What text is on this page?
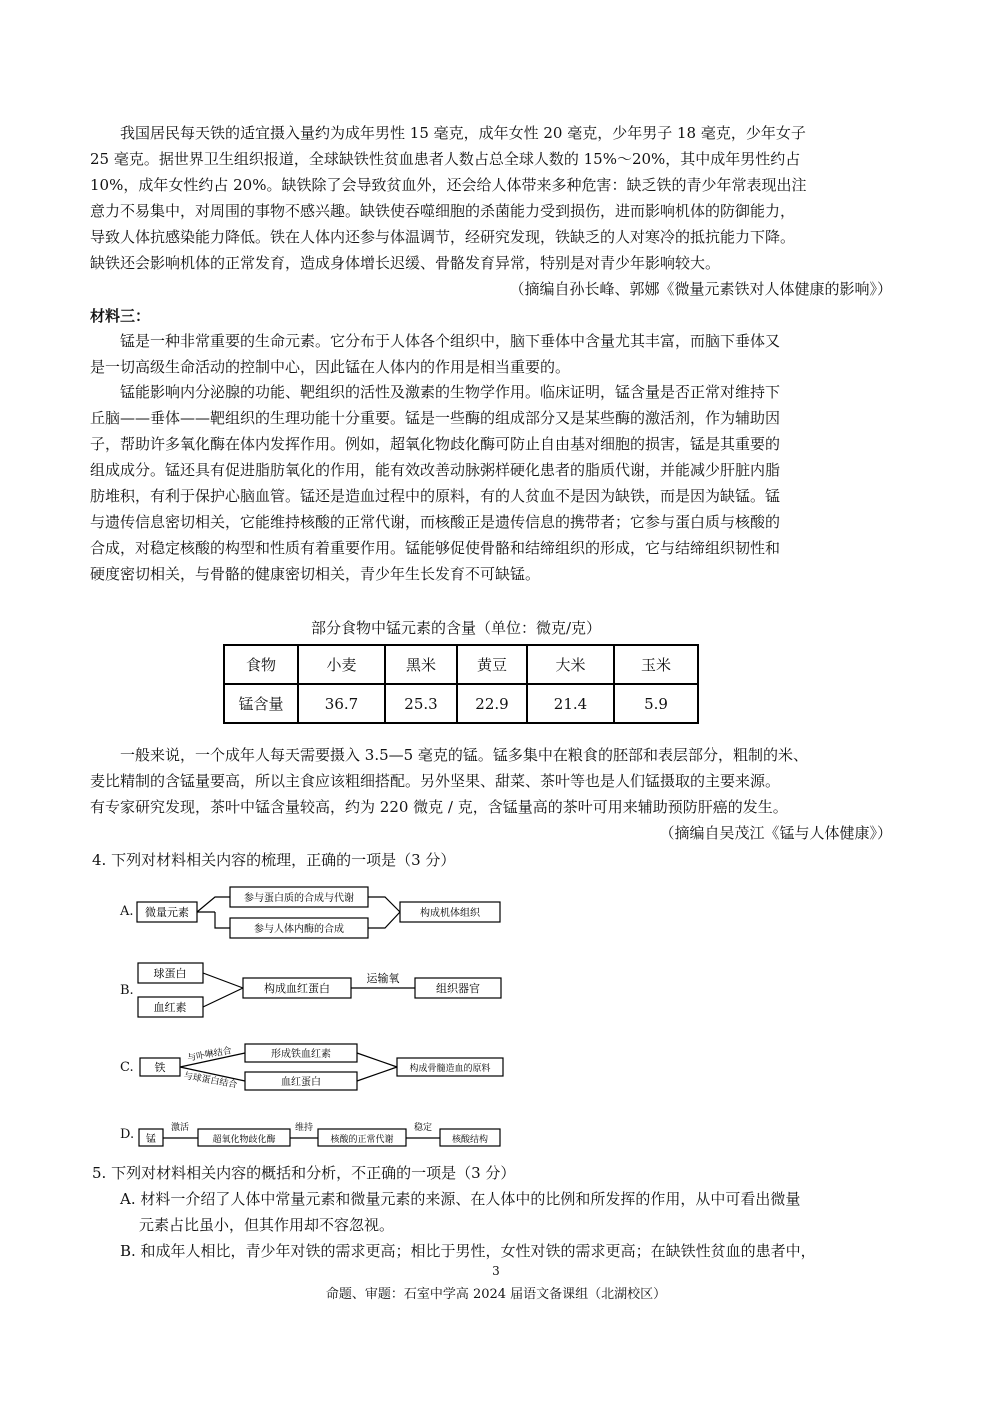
我国居民每天铁的适宜摄入量约为成年男性 15 毫克，成年女性 20 毫克，少年男子 18 毫克，少年女子
25 毫克。据世界卫生组织报道，全球缺铁性贫血患者人数占总全球人数的 15%～20%，其中成年男性约占
10%，成年女性约占 20%。缺铁除了会导致贫血外，还会给人体带来多种危害：缺乏铁的青少年常表现出注
意力不易集中，对周围的事物不感兴趣。缺铁使吞噬细胞的杀菌能力受到损伤，进而影响机体的防御能力，
导致人体抗感染能力降低。铁在人体内还参与体温调节，经研究发现，铁缺乏的人对寒冷的抵抗能力下降。
缺铁还会影响机体的正常发育，造成身体增长迟缓、骨骼发育异常，特别是对青少年影响较大。
（摘编自孙长峰、郭娜《微量元素铁对人体健康的影响》）
材料三：
锰是一种非常重要的生命元素。它分布于人体各个组织中，脑下垂体中含量尤其丰富，而脑下垂体又
是一切高级生命活动的控制中心，因此锰在人体内的作用是相当重要的。
锰能影响内分泌腺的功能、靶组织的活性及激素的生物学作用。临床证明，锰含量是否正常对维持下
丘脑——垂体——靶组织的生理功能十分重要。锰是一些酶的组成部分又是某些酶的激活剂，作为辅助因
子，帮助许多氧化酶在体内发挥作用。例如，超氧化物歧化酶可防止自由基对细胞的损害，锰是其重要的
组成成分。锰还具有促进脂肪氧化的作用，能有效改善动脉粥样硬化患者的脂质代谢，并能减少肝脏内脂
肪堆积，有利于保护心脑血管。锰还是造血过程中的原料，有的人贫血不是因为缺铁，而是因为缺锰。锰
与遗传信息密切相关，它能维持核酸的正常代谢，而核酸正是遗传信息的携带者；它参与蛋白质与核酸的
合成，对稳定核酸的构型和性质有着重要作用。锰能够促使骨骼和结缔组织的形成，它与结缔组织韧性和
硬度密切相关，与骨骼的健康密切相关，青少年生长发育不可缺锰。
部分食物中锰元素的含量（单位：微克/克）
食物	小麦	黑米	黄豆	大米	玉米
锰含量	36.7	25.3	22.9	21.4	5.9
一般来说，一个成年人每天需要摄入 3.5—5 毫克的锰。锰多集中在粮食的胚部和表层部分，粗制的米、
麦比精制的含锰量要高，所以主食应该粗细搭配。另外坚果、甜菜、茶叶等也是人们锰摄取的主要来源。
有专家研究发现，茶叶中锰含量较高，约为 220 微克 / 克，含锰量高的茶叶可用来辅助预防肝癌的发生。
（摘编自吴茂江《锰与人体健康》）
4. 下列对材料相关内容的梳理，正确的一项是（3 分）
A. 微量元素
参与蛋白质的合成与代谢
参与人体内酶的合成
构成机体组织
B.
球蛋白
血红素
构成血红蛋白	组织器官
运输氧
C. 铁
形成铁血红素
血红蛋白
构成骨髓造血的原料
与卟啉结合
与球蛋白结合
D. 锰	超氧化物歧化酶	核酸的正常代谢	核酸结构
激活	维持	稳定
5. 下列对材料相关内容的概括和分析，不正确的一项是（3 分）
A. 材料一介绍了人体中常量元素和微量元素的来源、在人体中的比例和所发挥的作用，从中可看出微量
元素占比虽小，但其作用却不容忽视。
B. 和成年人相比，青少年对铁的需求更高；相比于男性，女性对铁的需求更高；在缺铁性贫血的患者中，
3
命题、审题：石室中学高 2024 届语文备课组（北湖校区）
